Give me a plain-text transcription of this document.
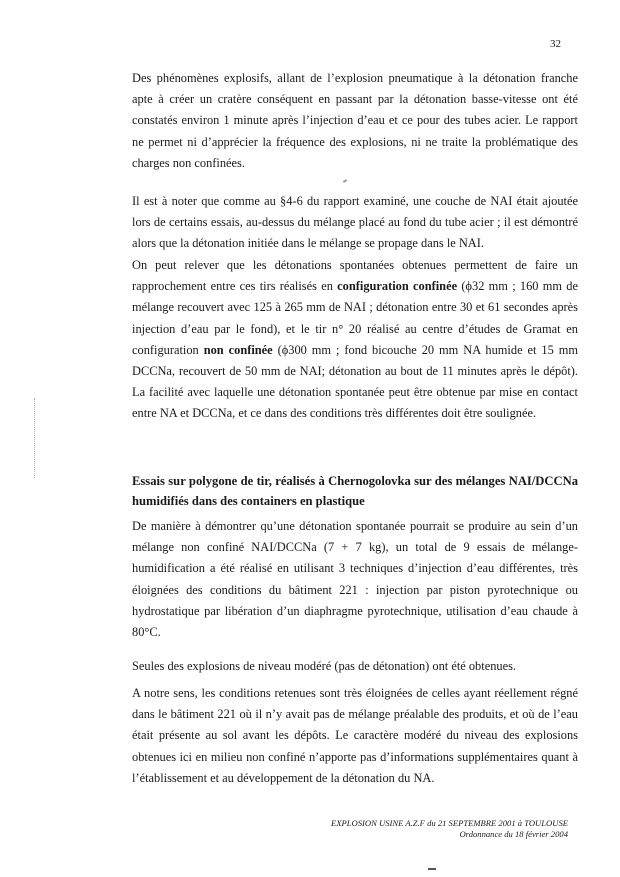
32

Des phénomènes explosifs, allant de l’explosion pneumatique à la détonation franche apte à créer un cratère conséquent en passant par la détonation basse-vitesse ont été constatés environ 1 minute après l’injection d’eau et ce pour des tubes acier. Le rapport ne permet ni d’apprécier la fréquence des explosions, ni ne traite la problématique des charges non confinées.

Il est à noter que comme au §4-6 du rapport examiné, une couche de NAI était ajoutée lors de certains essais, au-dessus du mélange placé au fond du tube acier ; il est démontré alors que la détonation initiée dans le mélange se propage dans le NAI.

On peut relever que les détonations spontanées obtenues permettent de faire un rapprochement entre ces tirs réalisés en configuration confinée (ϕ32 mm ; 160 mm de mélange recouvert avec 125 à 265 mm de NAI ; détonation entre 30 et 61 secondes après injection d’eau par le fond), et le tir n° 20 réalisé au centre d’études de Gramat en configuration non confinée (ϕ300 mm ; fond bicouche 20 mm NA humide et 15 mm DCCNa, recouvert de 50 mm de NAI; détonation au bout de 11 minutes après le dépôt). La facilité avec laquelle une détonation spontanée peut être obtenue par mise en contact entre NA et DCCNa, et ce dans des conditions très différentes doit être soulignée.

Essais sur polygone de tir, réalisés à Chernogolovka sur des mélanges NAI/DCCNa humidifiés dans des containers en plastique

De manière à démontrer qu’une détonation spontanée pourrait se produire au sein d’un mélange non confiné NAI/DCCNa (7 + 7 kg), un total de 9 essais de mélange-humidification a été réalisé en utilisant 3 techniques d’injection d’eau différentes, très éloignées des conditions du bâtiment 221 : injection par piston pyrotechnique ou hydrostatique par libération d’un diaphragme pyrotechnique, utilisation d’eau chaude à 80°C.

Seules des explosions de niveau modéré (pas de détonation) ont été obtenues.

A notre sens, les conditions retenues sont très éloignées de celles ayant réellement régné dans le bâtiment 221 où il n’y avait pas de mélange préalable des produits, et où de l’eau était présente au sol avant les dépôts. Le caractère modéré du niveau des explosions obtenues ici en milieu non confiné n’apporte pas d’informations supplémentaires quant à l’établissement et au développement de la détonation du NA.

EXPLOSION USINE A.Z.F du 21 SEPTEMBRE 2001 à TOULOUSE
Ordonnance du 18 février 2004
